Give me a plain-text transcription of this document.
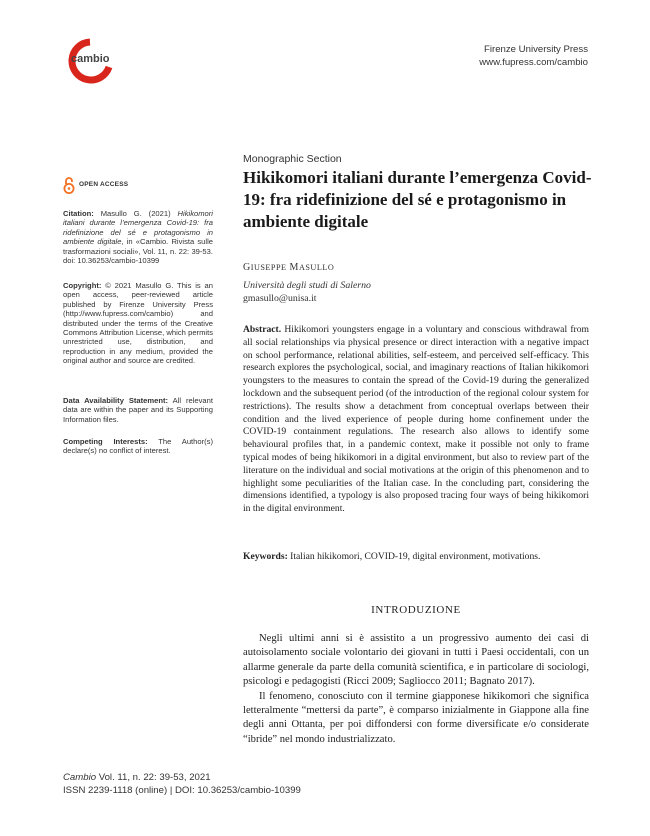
cambio
Firenze University Press
www.fupress.com/cambio
OPEN ACCESS

Citation: Masullo G. (2021) Hikikomori italiani durante l’emergenza Covid-19: fra ridefinizione del sé e protagonismo in ambiente digitale, in «Cambio. Rivista sulle trasformazioni sociali», Vol. 11, n. 22: 39-53. doi: 10.36253/cambio-10399

Copyright: © 2021 Masullo G. This is an open access, peer-reviewed article published by Firenze University Press (http://www.fupress.com/cambio) and distributed under the terms of the Creative Commons Attribution License, which permits unrestricted use, distribution, and reproduction in any medium, provided the original author and source are credited.

Data Availability Statement: All relevant data are within the paper and its Supporting Information files.

Competing Interests: The Author(s) declare(s) no conflict of interest.

Monographic Section
Hikikomori italiani durante l’emergenza Covid-19: fra ridefinizione del sé e protagonismo in ambiente digitale
GIUSEPPE MASULLO
Università degli studi di Salerno
gmasullo@unisa.it

Abstract. Hikikomori youngsters engage in a voluntary and conscious withdrawal from all social relationships via physical presence or direct interaction with a negative impact on school performance, relational abilities, self-esteem, and perceived self-efficacy. This research explores the psychological, social, and imaginary reactions of Italian hikikomori youngsters to the measures to contain the spread of the Covid-19 during the generalized lockdown and the subsequent period (of the introduction of the regional colour system for restrictions). The results show a detachment from conceptual overlaps between their condition and the lived experience of people during home confinement under the COVID-19 containment regulations. The research also allows to identify some behavioural profiles that, in a pandemic context, make it possible not only to frame typical modes of being hikikomori in a digital environment, but also to review part of the literature on the individual and social motivations at the origin of this phenomenon and to highlight some peculiarities of the Italian case. In the concluding part, considering the dimensions identified, a typology is also proposed tracing four ways of being hikikomori in the digital environment.

Keywords: Italian hikikomori, COVID-19, digital environment, motivations.

INTRODUZIONE

Negli ultimi anni si è assistito a un progressivo aumento dei casi di autoisolamento sociale volontario dei giovani in tutti i Paesi occidentali, con un allarme generale da parte della comunità scientifica, e in particolare di sociologi, psicologi e pedagogisti (Ricci 2009; Sagliocco 2011; Bagnato 2017).

Il fenomeno, conosciuto con il termine giapponese hikikomori che significa letteralmente “mettersi da parte”, è comparso inizialmente in Giappone alla fine degli anni Ottanta, per poi diffondersi con forme diversificate e/o considerate “ibride” nel mondo industrializzato.

Cambio Vol. 11, n. 22: 39-53, 2021
ISSN 2239-1118 (online) | DOI: 10.36253/cambio-10399
